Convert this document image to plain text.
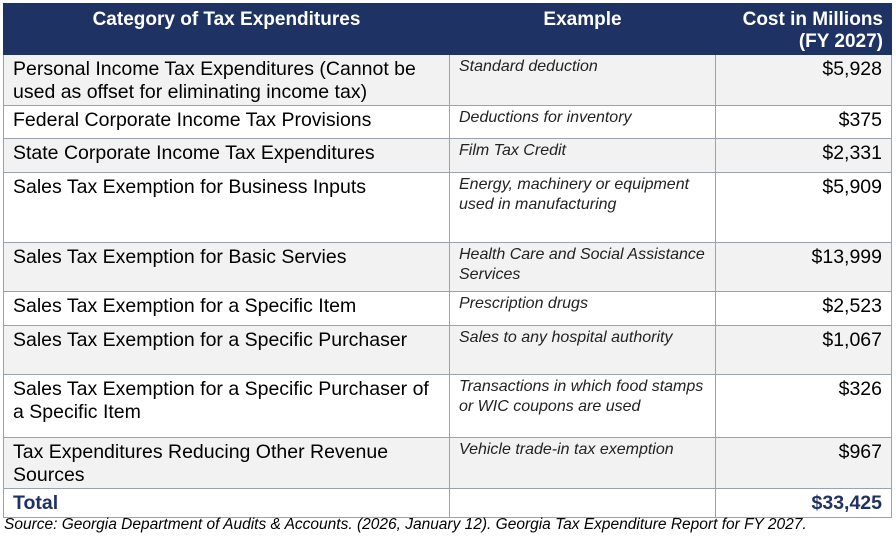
Category of Tax Expenditures	Example	Cost in Millions (FY 2027)
Personal Income Tax Expenditures (Cannot be used as offset for eliminating income tax)	Standard deduction	$5,928
Federal Corporate Income Tax Provisions	Deductions for inventory	$375
State Corporate Income Tax Expenditures	Film Tax Credit	$2,331
Sales Tax Exemption for Business Inputs	Energy, machinery or equipment used in manufacturing	$5,909
Sales Tax Exemption for Basic Servies	Health Care and Social Assistance Services	$13,999
Sales Tax Exemption for a Specific Item	Prescription drugs	$2,523
Sales Tax Exemption for a Specific Purchaser	Sales to any hospital authority	$1,067
Sales Tax Exemption for a Specific Purchaser of a Specific Item	Transactions in which food stamps or WIC coupons are used	$326
Tax Expenditures Reducing Other Revenue Sources	Vehicle trade-in tax exemption	$967
Total		$33,425
Source: Georgia Department of Audits & Accounts. (2026, January 12). Georgia Tax Expenditure Report for FY 2027.
